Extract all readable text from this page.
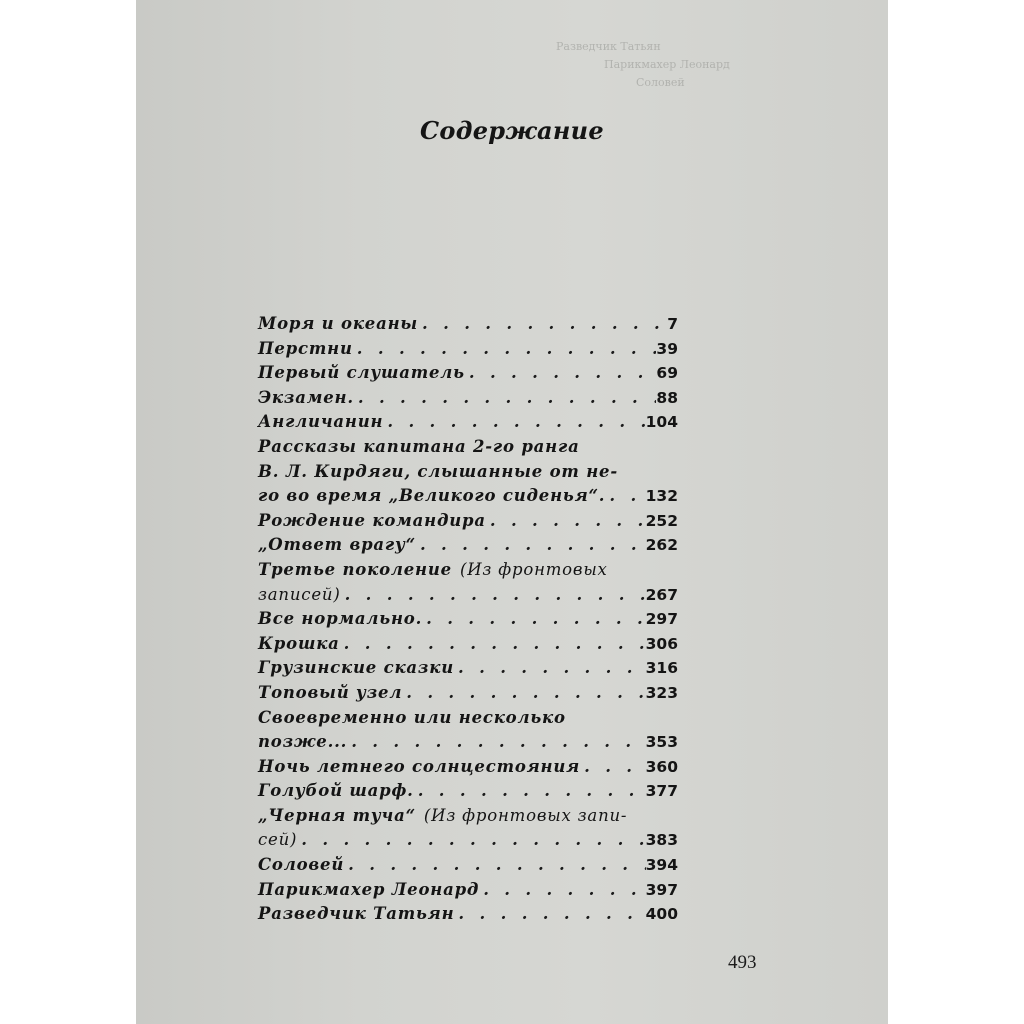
Разведчик Татьян
Парикмахер Леонард
Соловей
Содержание
Моря и океаны . . .	7
Перстни . . .	39
Первый слушатель . . .	69
Экзамен. . . .	88
Англичанин . . .	104
Рассказы капитана 2-го ранга
В. Л. Кирдяги, слышанные от не-
го во время „Великого сиденья“. . . .	132
Рождение командира . . .	252
„Ответ врагу“ . . .	262
Третье поколение (Из фронтовых
записей) . . .	267
Все нормально. . . .	297
Крошка . . .	306
Грузинские сказки . . .	316
Топовый узел . . .	323
Своевременно или несколько
позже... . . .	353
Ночь летнего солнцестояния . . .	360
Голубой шарф. . . .	377
„Черная туча“ (Из фронтовых запи-
сей) . . .	383
Соловей . . .	394
Парикмахер Леонард . . .	397
Разведчик Татьян . . .	400
493
